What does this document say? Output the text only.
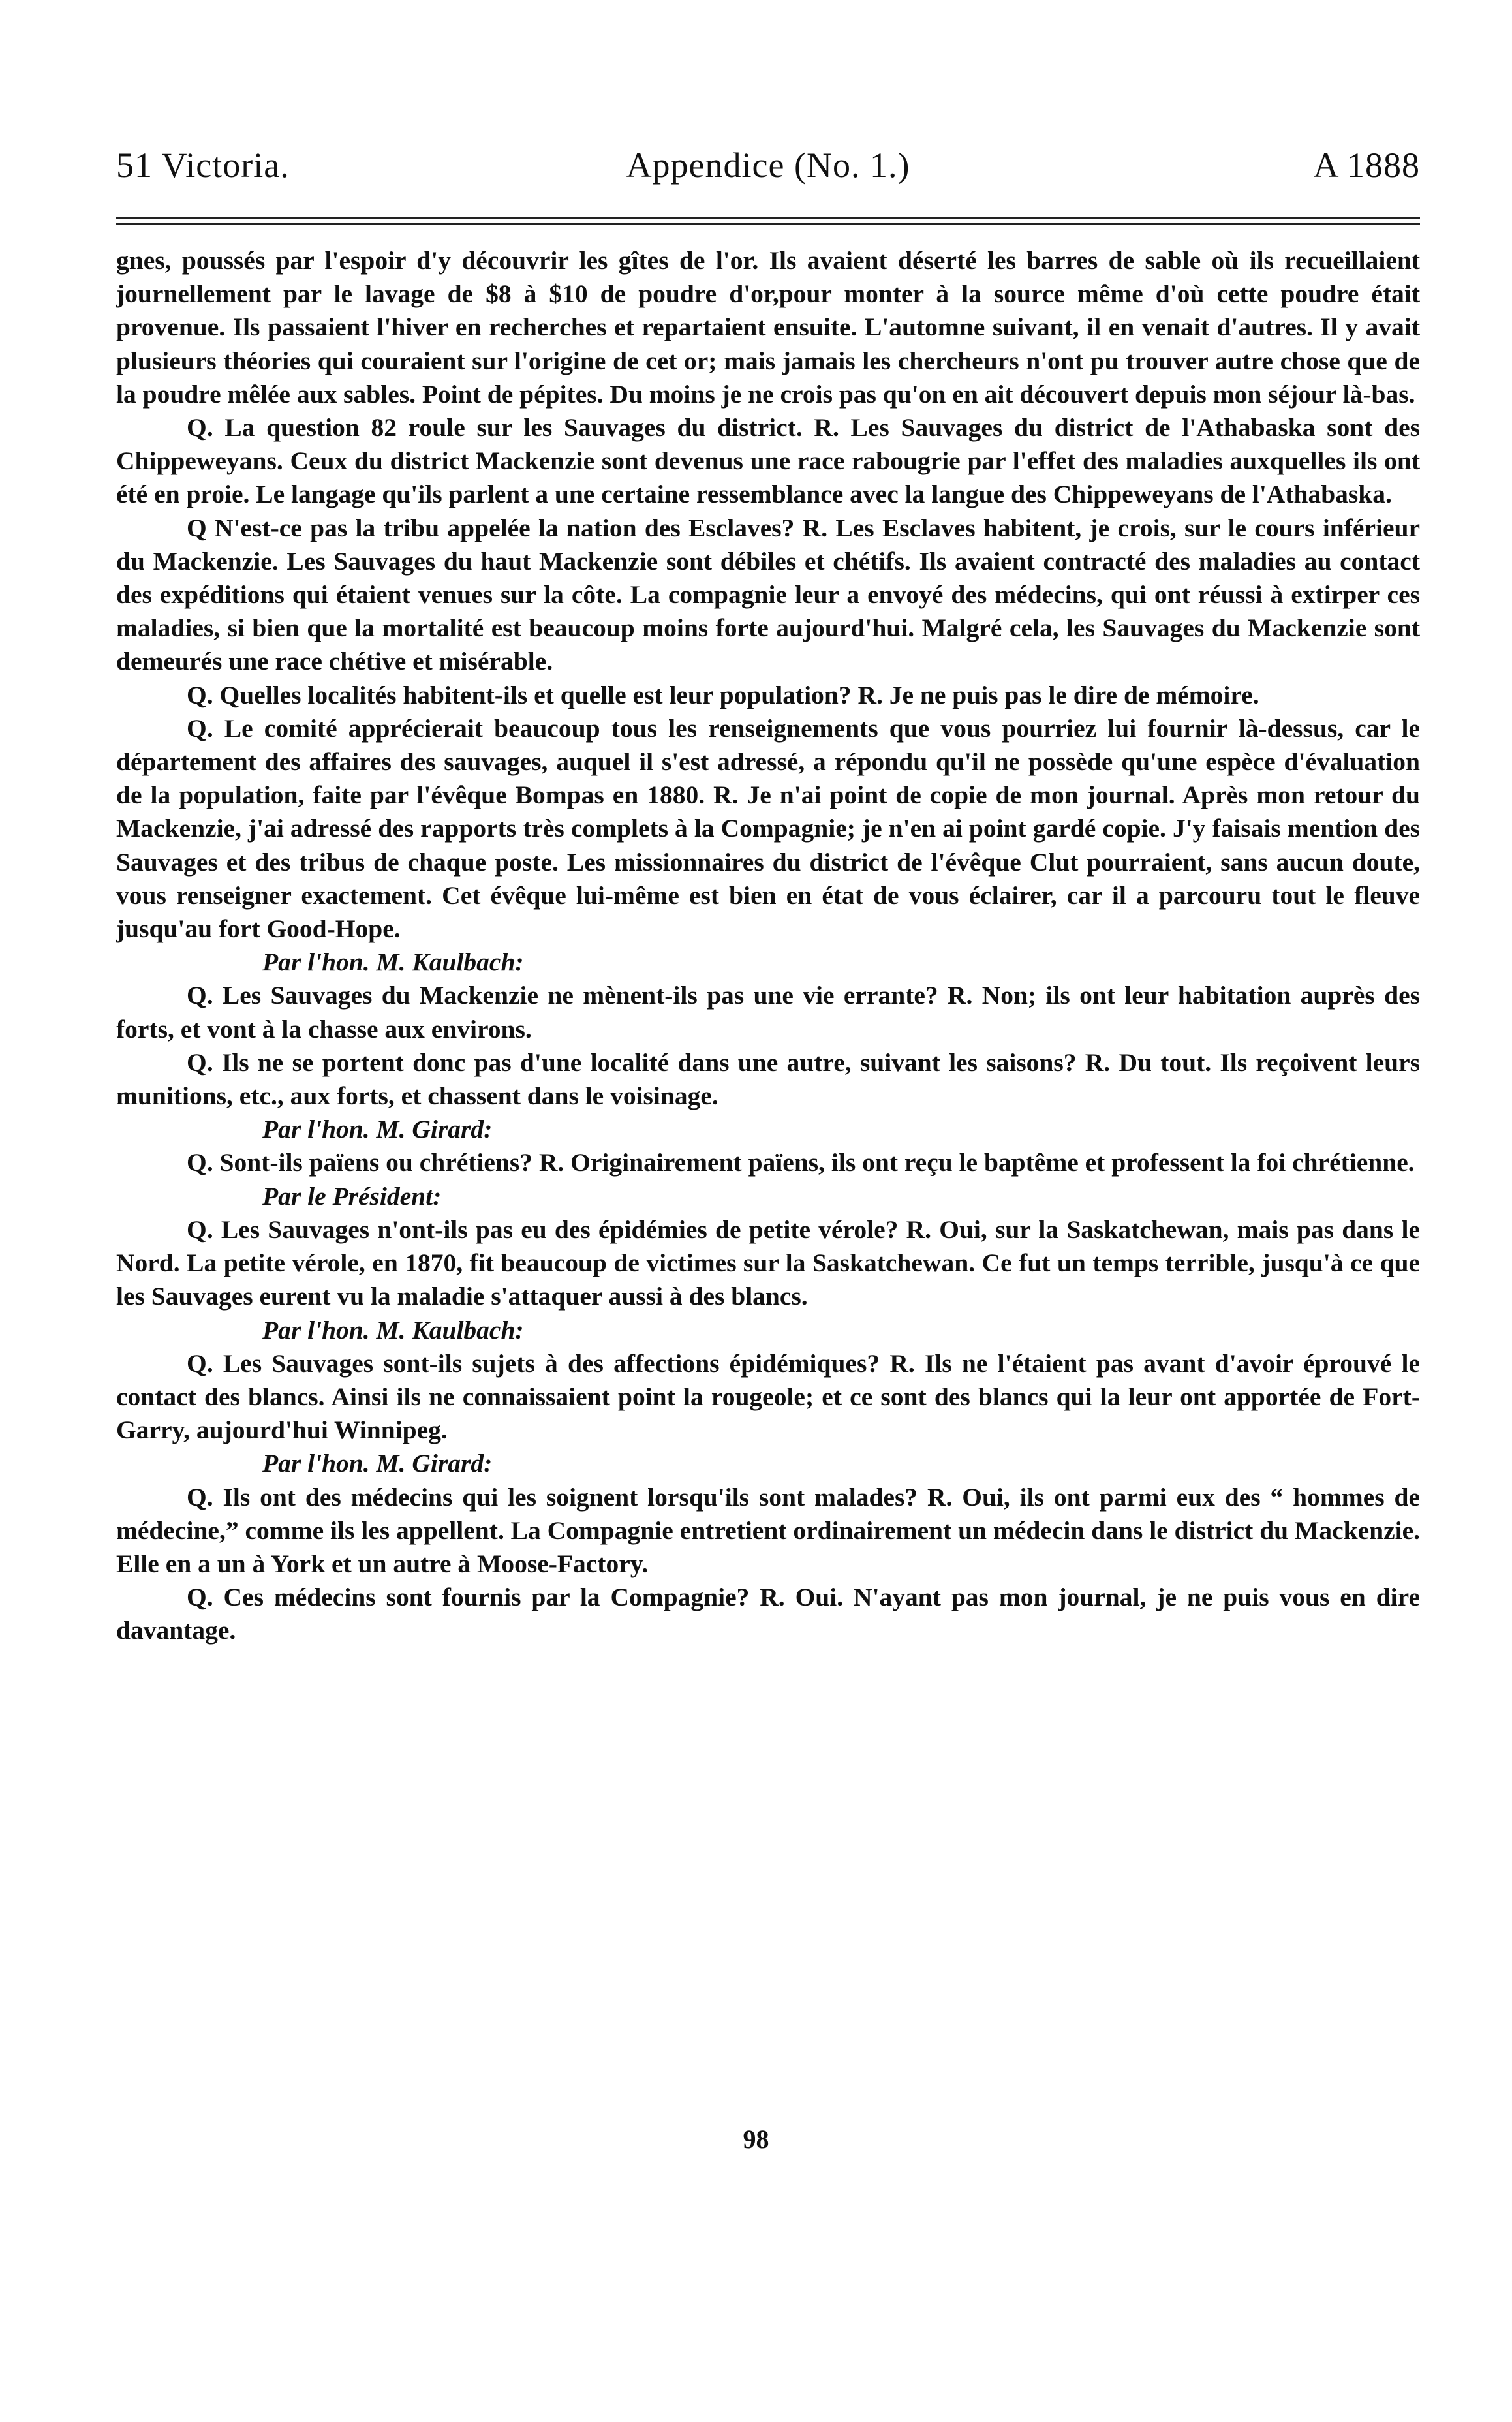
51 Victoria.	Appendice (No. 1.)	A 1888

gnes, poussés par l'espoir d'y découvrir les gîtes de l'or. Ils avaient déserté les barres de sable où ils recueillaient journellement par le lavage de $8 à $10 de poudre d'or,pour monter à la source même d'où cette poudre était provenue. Ils passaient l'hiver en recherches et repartaient ensuite. L'automne suivant, il en venait d'autres. Il y avait plusieurs théories qui couraient sur l'origine de cet or; mais jamais les chercheurs n'ont pu trouver autre chose que de la poudre mêlée aux sables. Point de pépites. Du moins je ne crois pas qu'on en ait découvert depuis mon séjour là-bas.

Q. La question 82 roule sur les Sauvages du district. R. Les Sauvages du district de l'Athabaska sont des Chippeweyans. Ceux du district Mackenzie sont devenus une race rabougrie par l'effet des maladies auxquelles ils ont été en proie. Le langage qu'ils parlent a une certaine ressemblance avec la langue des Chippeweyans de l'Athabaska.

Q N'est-ce pas la tribu appelée la nation des Esclaves? R. Les Esclaves habitent, je crois, sur le cours inférieur du Mackenzie. Les Sauvages du haut Mackenzie sont débiles et chétifs. Ils avaient contracté des maladies au contact des expéditions qui étaient venues sur la côte. La compagnie leur a envoyé des médecins, qui ont réussi à extirper ces maladies, si bien que la mortalité est beaucoup moins forte aujourd'hui. Malgré cela, les Sauvages du Mackenzie sont demeurés une race chétive et misérable.

Q. Quelles localités habitent-ils et quelle est leur population? R. Je ne puis pas le dire de mémoire.

Q. Le comité apprécierait beaucoup tous les renseignements que vous pourriez lui fournir là-dessus, car le département des affaires des sauvages, auquel il s'est adressé, a répondu qu'il ne possède qu'une espèce d'évaluation de la population, faite par l'évêque Bompas en 1880. R. Je n'ai point de copie de mon journal. Après mon retour du Mackenzie, j'ai adressé des rapports très complets à la Compagnie; je n'en ai point gardé copie. J'y faisais mention des Sauvages et des tribus de chaque poste. Les missionnaires du district de l'évêque Clut pourraient, sans aucun doute, vous renseigner exactement. Cet évêque lui-même est bien en état de vous éclairer, car il a parcouru tout le fleuve jusqu'au fort Good-Hope.

Par l'hon. M. Kaulbach:

Q. Les Sauvages du Mackenzie ne mènent-ils pas une vie errante? R. Non; ils ont leur habitation auprès des forts, et vont à la chasse aux environs.

Q. Ils ne se portent donc pas d'une localité dans une autre, suivant les saisons? R. Du tout. Ils reçoivent leurs munitions, etc., aux forts, et chassent dans le voisinage.

Par l'hon. M. Girard:

Q. Sont-ils païens ou chrétiens? R. Originairement païens, ils ont reçu le baptême et professent la foi chrétienne.

Par le Président:

Q. Les Sauvages n'ont-ils pas eu des épidémies de petite vérole? R. Oui, sur la Saskatchewan, mais pas dans le Nord. La petite vérole, en 1870, fit beaucoup de victimes sur la Saskatchewan. Ce fut un temps terrible, jusqu'à ce que les Sauvages eurent vu la maladie s'attaquer aussi à des blancs.

Par l'hon. M. Kaulbach:

Q. Les Sauvages sont-ils sujets à des affections épidémiques? R. Ils ne l'étaient pas avant d'avoir éprouvé le contact des blancs. Ainsi ils ne connaissaient point la rougeole; et ce sont des blancs qui la leur ont apportée de Fort-Garry, aujourd'hui Winnipeg.

Par l'hon. M. Girard:

Q. Ils ont des médecins qui les soignent lorsqu'ils sont malades? R. Oui, ils ont parmi eux des “ hommes de médecine,” comme ils les appellent. La Compagnie entretient ordinairement un médecin dans le district du Mackenzie. Elle en a un à York et un autre à Moose-Factory.

Q. Ces médecins sont fournis par la Compagnie? R. Oui. N'ayant pas mon journal, je ne puis vous en dire davantage.

98
